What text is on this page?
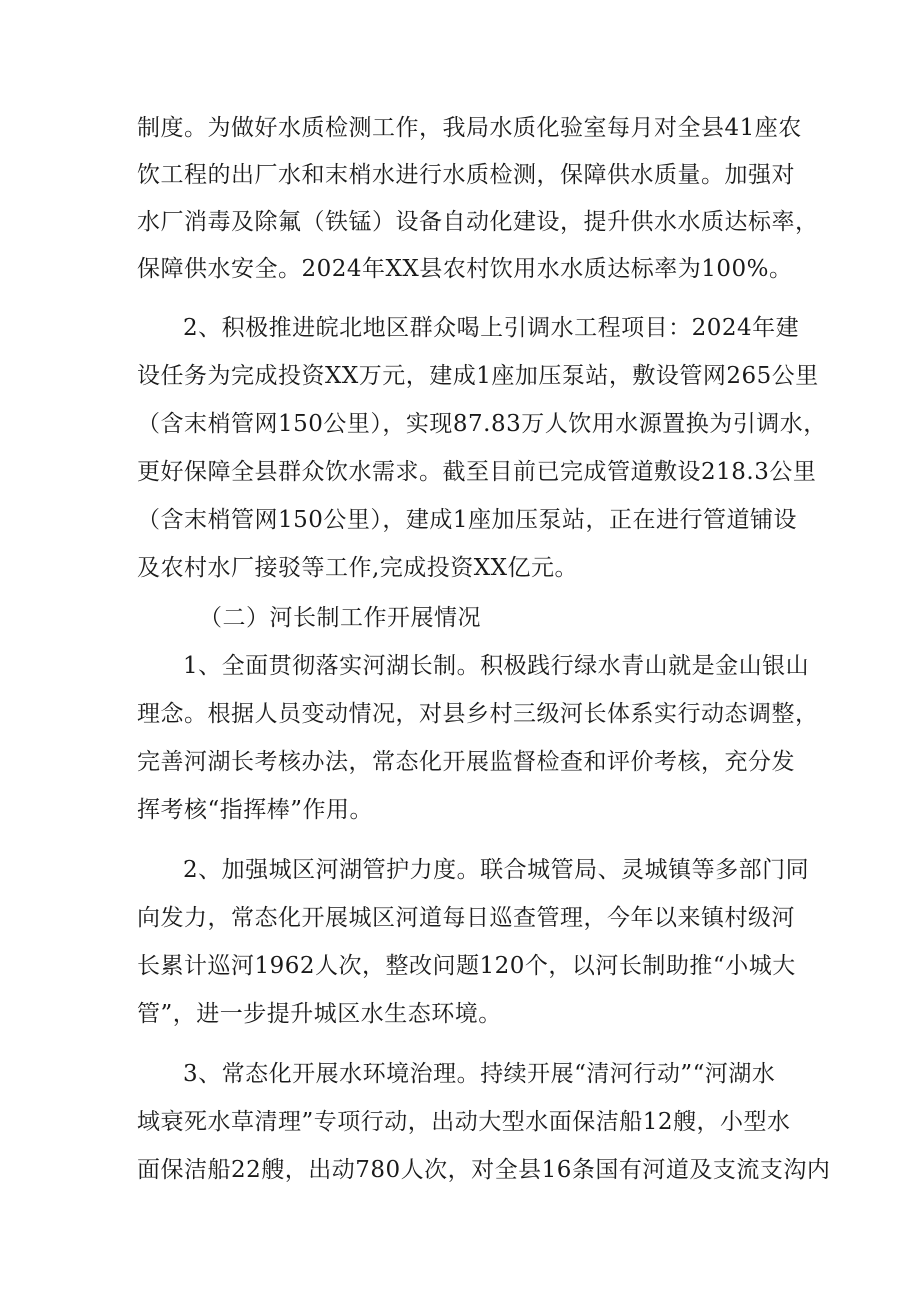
制度。为做好水质检测工作，我局水质化验室每月对全县41座农
饮工程的出厂水和末梢水进行水质检测，保障供水质量。加强对
水厂消毒及除氟（铁锰）设备自动化建设，提升供水水质达标率，
保障供水安全。2024年XX县农村饮用水水质达标率为100%。
2、积极推进皖北地区群众喝上引调水工程项目：2024年建
设任务为完成投资XX万元，建成1座加压泵站，敷设管网265公里
（含末梢管网150公里），实现87.83万人饮用水源置换为引调水，
更好保障全县群众饮水需求。截至目前已完成管道敷设218.3公里
（含末梢管网150公里），建成1座加压泵站，正在进行管道铺设
及农村水厂接驳等工作,完成投资XX亿元。
（二）河长制工作开展情况
1、全面贯彻落实河湖长制。积极践行绿水青山就是金山银山
理念。根据人员变动情况，对县乡村三级河长体系实行动态调整，
完善河湖长考核办法，常态化开展监督检查和评价考核，充分发
挥考核“指挥棒”作用。
2、加强城区河湖管护力度。联合城管局、灵城镇等多部门同
向发力，常态化开展城区河道每日巡查管理，今年以来镇村级河
长累计巡河1962人次，整改问题120个，以河长制助推“小城大
管”，进一步提升城区水生态环境。
3、常态化开展水环境治理。持续开展“清河行动”“河湖水
域衰死水草清理”专项行动，出动大型水面保洁船12艘，小型水
面保洁船22艘，出动780人次，对全县16条国有河道及支流支沟内
